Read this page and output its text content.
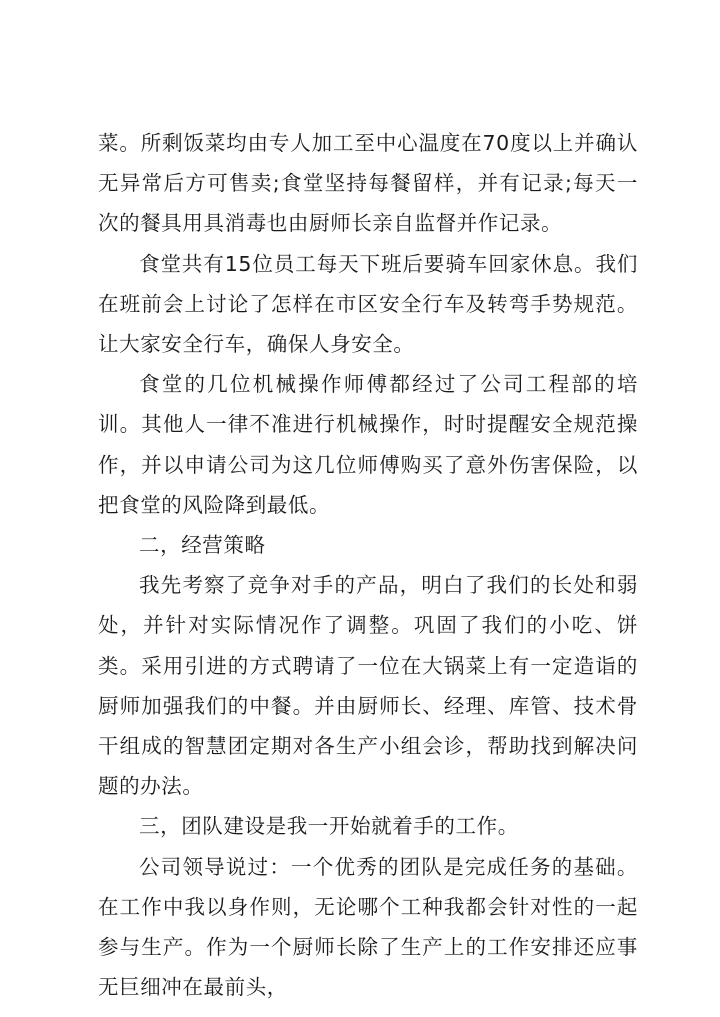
菜。所剩饭菜均由专人加工至中心温度在70度以上并确认无异常后方可售卖;食堂坚持每餐留样，并有记录;每天一次的餐具用具消毒也由厨师长亲自监督并作记录。

食堂共有15位员工每天下班后要骑车回家休息。我们在班前会上讨论了怎样在市区安全行车及转弯手势规范。让大家安全行车，确保人身安全。

食堂的几位机械操作师傅都经过了公司工程部的培训。其他人一律不准进行机械操作，时时提醒安全规范操作，并以申请公司为这几位师傅购买了意外伤害保险，以把食堂的风险降到最低。

二，经营策略

我先考察了竞争对手的产品，明白了我们的长处和弱处，并针对实际情况作了调整。巩固了我们的小吃、饼类。采用引进的方式聘请了一位在大锅菜上有一定造诣的厨师加强我们的中餐。并由厨师长、经理、库管、技术骨干组成的智慧团定期对各生产小组会诊，帮助找到解决问题的办法。

三，团队建设是我一开始就着手的工作。

公司领导说过：一个优秀的团队是完成任务的基础。在工作中我以身作则，无论哪个工种我都会针对性的一起参与生产。作为一个厨师长除了生产上的工作安排还应事无巨细冲在最前头，
